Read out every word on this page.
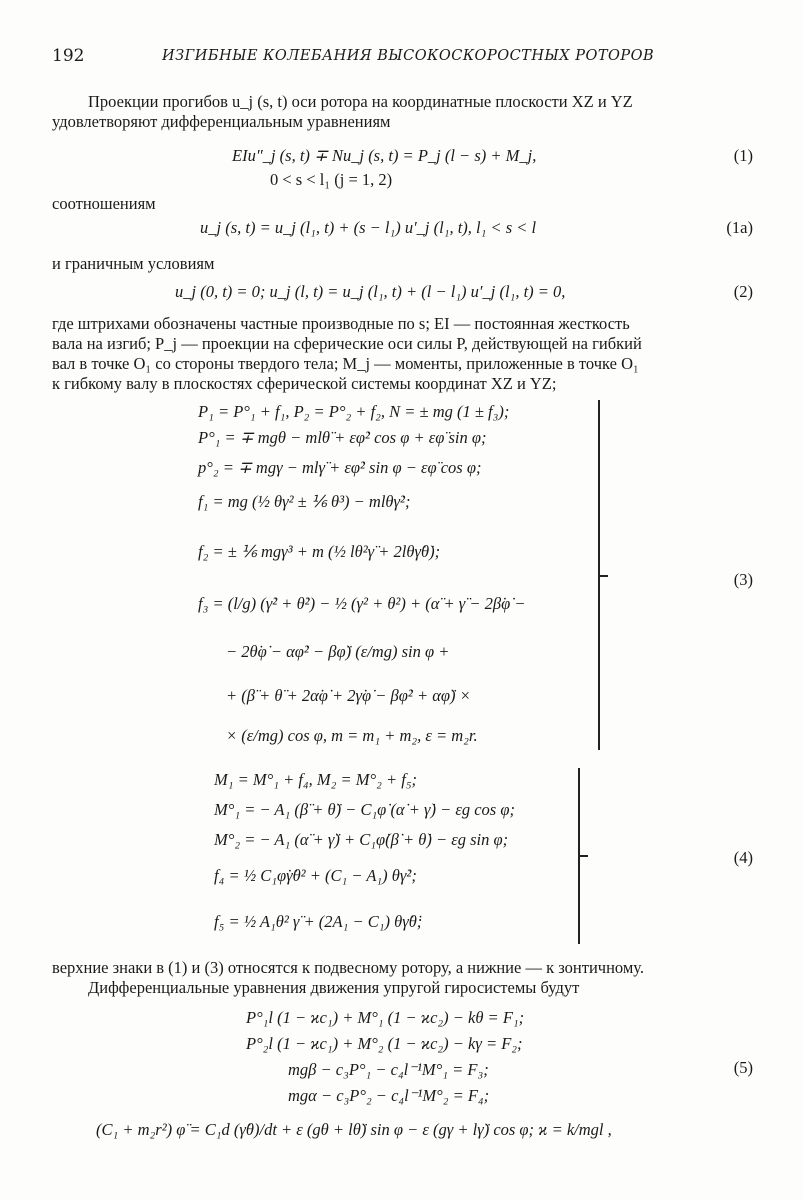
192	ИЗГИБНЫЕ КОЛЕБАНИЯ ВЫСОКОСКОРОСТНЫХ РОТОРОВ
Проекции прогибов u_j (s, t) оси ротора на координатные плоскости XZ и YZ
удовлетворяют дифференциальным уравнениям
EIu″_j (s, t) ∓ Nu_j (s, t) = P_j (l − s) + M_j,
0 < s < l₁ (j = 1, 2)
(1)
соотношениям
u_j (s, t) = u_j (l₁, t) + (s − l₁) u′_j (l₁, t), l₁ < s < l	(1a)
и граничным условиям
u_j (0, t) = 0; u_j (l, t) = u_j (l₁, t) + (l − l₁) u′_j (l₁, t) = 0,	(2)
где штрихами обозначены частные производные по s; EI — постоянная жесткость
вала на изгиб; P_j — проекции на сферические оси силы P, действующей на гибкий
вал в точке O₁ со стороны твердого тела; M_j — моменты, приложенные в точке O₁
к гибкому валу в плоскостях сферической системы координат XZ и YZ;
P₁ = P°₁ + f₁, P₂ = P°₂ + f₂, N = ± mg (1 ± f₃);
P°₁ = ∓ mgθ − mlθ̈ + εφ̇² cos φ + εφ̈ sin φ;
p°₂ = ∓ mgγ − mlγ̈ + εφ̇² sin φ − εφ̈ cos φ;
f₁ = mg (½ θγ² ± ⅙ θ³) − mlθγ̇²;
f₂ = ± ⅙ mgγ³ + m (½ lθ²γ̈ + 2lθγ̇θ̇);
f₃ = (l/g) (γ̇² + θ̇²) − ½ (γ² + θ²) + (α̈ + γ̈ − 2β̇φ̇ −
− 2θ̇φ̇ − αφ̇² − βφ̈) (ε/mg) sin φ +
+ (β̈ + θ̈ + 2α̇φ̇ + 2γ̇φ̇ − βφ̇² + αφ̈) ×
× (ε/mg) cos φ, m = m₁ + m₂, ε = m₂r.
(3)
M₁ = M°₁ + f₄, M₂ = M°₂ + f₅;
M°₁ = − A₁ (β̈ + θ̈) − C₁φ̇ (α̇ + γ̇) − εg cos φ;
M°₂ = − A₁ (α̈ + γ̈) + C₁φ̇(β̇ + θ̇) − εg sin φ;
f₄ = ½ C₁φ̇γ̇θ² + (C₁ − A₁) θγ̇²;
f₅ = ½ A₁θ² γ̈ + (2A₁ − C₁) θγ̇θ̇;
(4)
верхние знаки в (1) и (3) относятся к подвесному ротору, а нижние — к зонтичному.
Дифференциальные уравнения движения упругой гиросистемы будут
P°₁l (1 − ϰc₁) + M°₁ (1 − ϰc₂) − kθ = F₁;
P°₂l (1 − ϰc₁) + M°₂ (1 − ϰc₂) − kγ = F₂;
mgβ − c₃P°₁ − c₄l⁻¹M°₁ = F₃;
mgα − c₃P°₂ − c₄l⁻¹M°₂ = F₄;
(C₁ + m₂r²) φ̈ = C₁d (γ̇θ)/dt + ε (gθ + lθ̈) sin φ − ε (gγ + lγ̈) cos φ; ϰ = k/mgl ,
(5)
